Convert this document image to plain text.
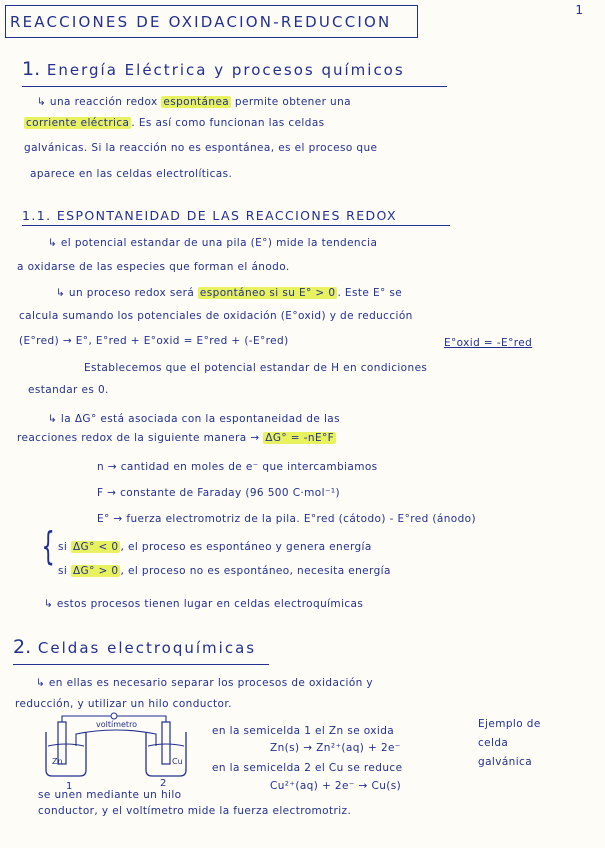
REACCIONES DE OXIDACION-REDUCCION
1
1. Energía Eléctrica y procesos químicos
↳ una reacción redox espontánea permite obtener una
corriente eléctrica . Es así como funcionan las celdas
galvánicas. Si la reacción no es espontánea, es el proceso que
aparece en las celdas electrolíticas.
1.1. ESPONTANEIDAD DE LAS REACCIONES REDOX
↳ el potencial estandar de una pila (E°) mide la tendencia
a oxidarse de las especies que forman el ánodo.
↳ un proceso redox será espontáneo si su E° > 0 . Este E° se
calcula sumando los potenciales de oxidación (E°oxid) y de reducción
(E°red) → E°, E°red + E°oxid = E°red + (-E°red)	E°oxid = -E°red
Establecemos que el potencial estandar de H en condiciones
estandar es 0.
↳ la ΔG° está asociada con la espontaneidad de las
reacciones redox de la siguiente manera → ΔG° = -nE°F
n → cantidad en moles de e⁻ que intercambiamos
F → constante de Faraday (96 500 C·mol⁻¹)
E° → fuerza electromotriz de la pila. E°red (cátodo) - E°red (ánodo)
{ si ΔG° < 0 , el proceso es espontáneo y genera energía
si ΔG° > 0 , el proceso no es espontáneo, necesita energía
↳ estos procesos tienen lugar en celdas electroquímicas
2. Celdas electroquímicas
↳ en ellas es necesario separar los procesos de oxidación y
reducción, y utilizar un hilo conductor.
voltímetro
Zn	Cu
1	2
en la semicelda 1 el Zn se oxida
Zn(s) → Zn²⁺(aq) + 2e⁻
en la semicelda 2 el Cu se reduce
Cu²⁺(aq) + 2e⁻ → Cu(s)
Ejemplo de
celda
galvánica
se unen mediante un hilo
conductor, y el voltímetro mide la fuerza electromotriz.
